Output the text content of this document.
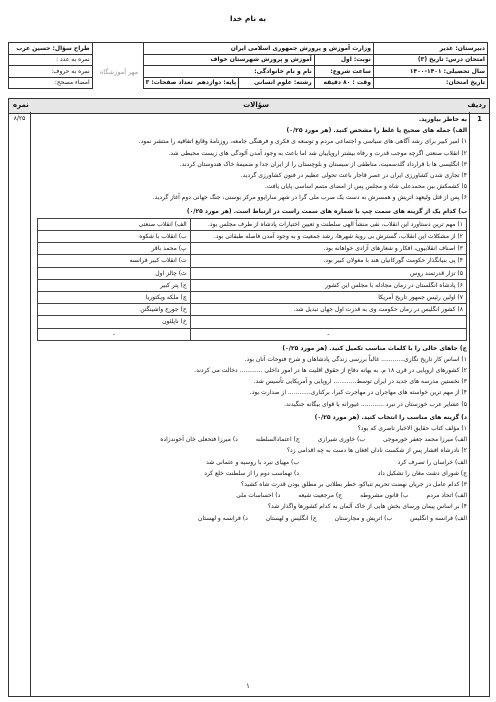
به نام خدا
دبیرستان: غدیر	وزارت آموزش و پرورش جمهوری اسلامی ایران				طراح سؤال: حسین عرب
امتحان درس: تاریخ (۳)	نوبت: اول	آموزش و پرورش شهرستان خواف			نمره به عدد :
سال تحصیلی: ۱۴۰۱-۱۴۰۰	ساعت شروع:	نام و نام خانوادگی:			نمره به حروف:
تاریخ امتحان:	وقت : ۸۰ دقیقه	رشته: علوم انسانی	پایه: دوازدهم  تعداد صفحات: ۳		امضاء مصحح:
مهر آموزشگاه
ردیف
سؤالات
نمره
1
۸/۲۵	به خاطر بیاورید.
الف) جمله های صحیح یا غلط را مشخص کنید. (هر مورد ۰/۲۵)
۱) امیر کبیر برای رشد آگاهی های سیاسی و اجتماعی مردم و توسعه ی فکری و فرهنگی جامعه، روزنامهٔ وقایع اتفاقیه را منتشر نمود.
۲) انقلاب صنعتی اگرچه موجب قدرت و رفاه بیشتر اروپاییان شد اما باعث به وجود آمدن آلودگی های زیست محیطی شد.
۳) انگلیسی ها با قرارداد گلدسمیت، مناطقی از سیستان و بلوچستان را از ایران جدا و ضمیمهٔ خاک هندوستان کردند.
۴) تجاری شدن کشاورزی ایران در عصر قاجار باعث تحولی عظیم در فنون کشاورزی گردید.
۵) کشمکش بین محمدعلی شاه و مجلس پس از امضای متمم اساسی پایان یافت.
۶) پس از قتل ولیعهد اتریش و همسرش به دست یک صرب ملی گرا در شهر سارایوو مرکز بوسنی، جنگ جهانی دوم آغاز گردید.
ب) کدام یک از گزینه های سمت چپ با شماره های سمت راست در ارتباط است. (هر مورد ۰/۲۵)
۱) مهم ترین دستاورد این انقلاب، نفی منشأ الهی سلطنت و تعیین اختیارات پادشاه از طرف مجلس بود.	الف) انقلاب صنعتی
۲) از مشکلات این انقلاب، گسترش بی رویهٔ شهرها، رشد جمعیت و به وجود آمدن فاصله طبقاتی بود.	ب) انقلاب با شکوه
۳) اصناف انقلابیون، افکار و شعارهای آزادی خواهانه بود.	پ) محمد باقر
۴) پی بنیانگذار حکومت گورکانیان هند با مغولان کبیر بود.	ت) انقلاب کبیر فرانسه
۵) تزار قدرتمند روس	ث) چالز اول
۶) پادشاه انگلستان در زمان مجادله با مجلس این کشور	ج) پتر کبیر
۷) اولین رئیس جمهور تاریخ آمریکا	چ) ملکه ویکتوریا
۸) کشور انگلیس در زمان حکومت وی به قدرت اول جهان تبدیل شد.	ح) جورج واشینگتن
	خ) ناپلئون
-	-
ج) جاهای خالی را با کلمات مناسب تکمیل کنید. (هر مورد ۰/۲۵)
۱) اساس کار تاریخ نگاری............ غالباً بررسی زندگی پادشاهان و شرح فتوحات آنان بود.
۲) کشورهای اروپایی در قرن ۱۸ م. به بهانه دفاع از حقوق اقلیت ها در امور داخلی ............ دخالت می کردند.
۳) نخستین مدرسه های جدید در ایران توسط............ اروپایی و آمریکایی تأسیس شد.
۴) از مهم ترین خواسته های مهاجران در مهاجرت کبرا، برکناری............ از صدارت بود.
۵) عشایر عرب خوزستان در نبرد ............ غیورانه با قوای بیگانه جنگیدند.
د) گزینه های مناسب را انتخاب کنید. (هر مورد ۰/۲۵)
۱) مؤلف کتاب حقایق الاخبار ناصری که بود؟
الف) میرزا محمد جعفر خورموجی
ب) خاوری شیرازی
ج) اعتمادالسلطنه
د) میرزا فتحعلی خان آخوندزاده
۲) نادرشاه افشار پس از شکست نادان افغان ها دست به چه اقدامی زد؟
الف) خراسان را تصرف کرد
ب) مهیای نبرد با روسیه و عثمانی شد
ج) شورای دشت مغان را تشکیل داد
د) تهماسب دوم را از سلطنت خلع کرد
۳) کدام عامل در جریان نهضت تحریم تنباکو، خطر بطلانی بر مطلق بودن قدرت شاه کشید؟
الف) اتحاد مردم
ب) قانون مشروطه
ج) مرجعیت شیعه
د) احساسات ملی
۴) بر اساس پیمان ورسای بخش هایی از خاک آلمان به کدام کشورها واگذار شد؟
الف) فرانسه و انگلیس
ب) اتریش و مجارستان
ج) انگلیس و لهستان
د) فرانسه و لهستان
۱
